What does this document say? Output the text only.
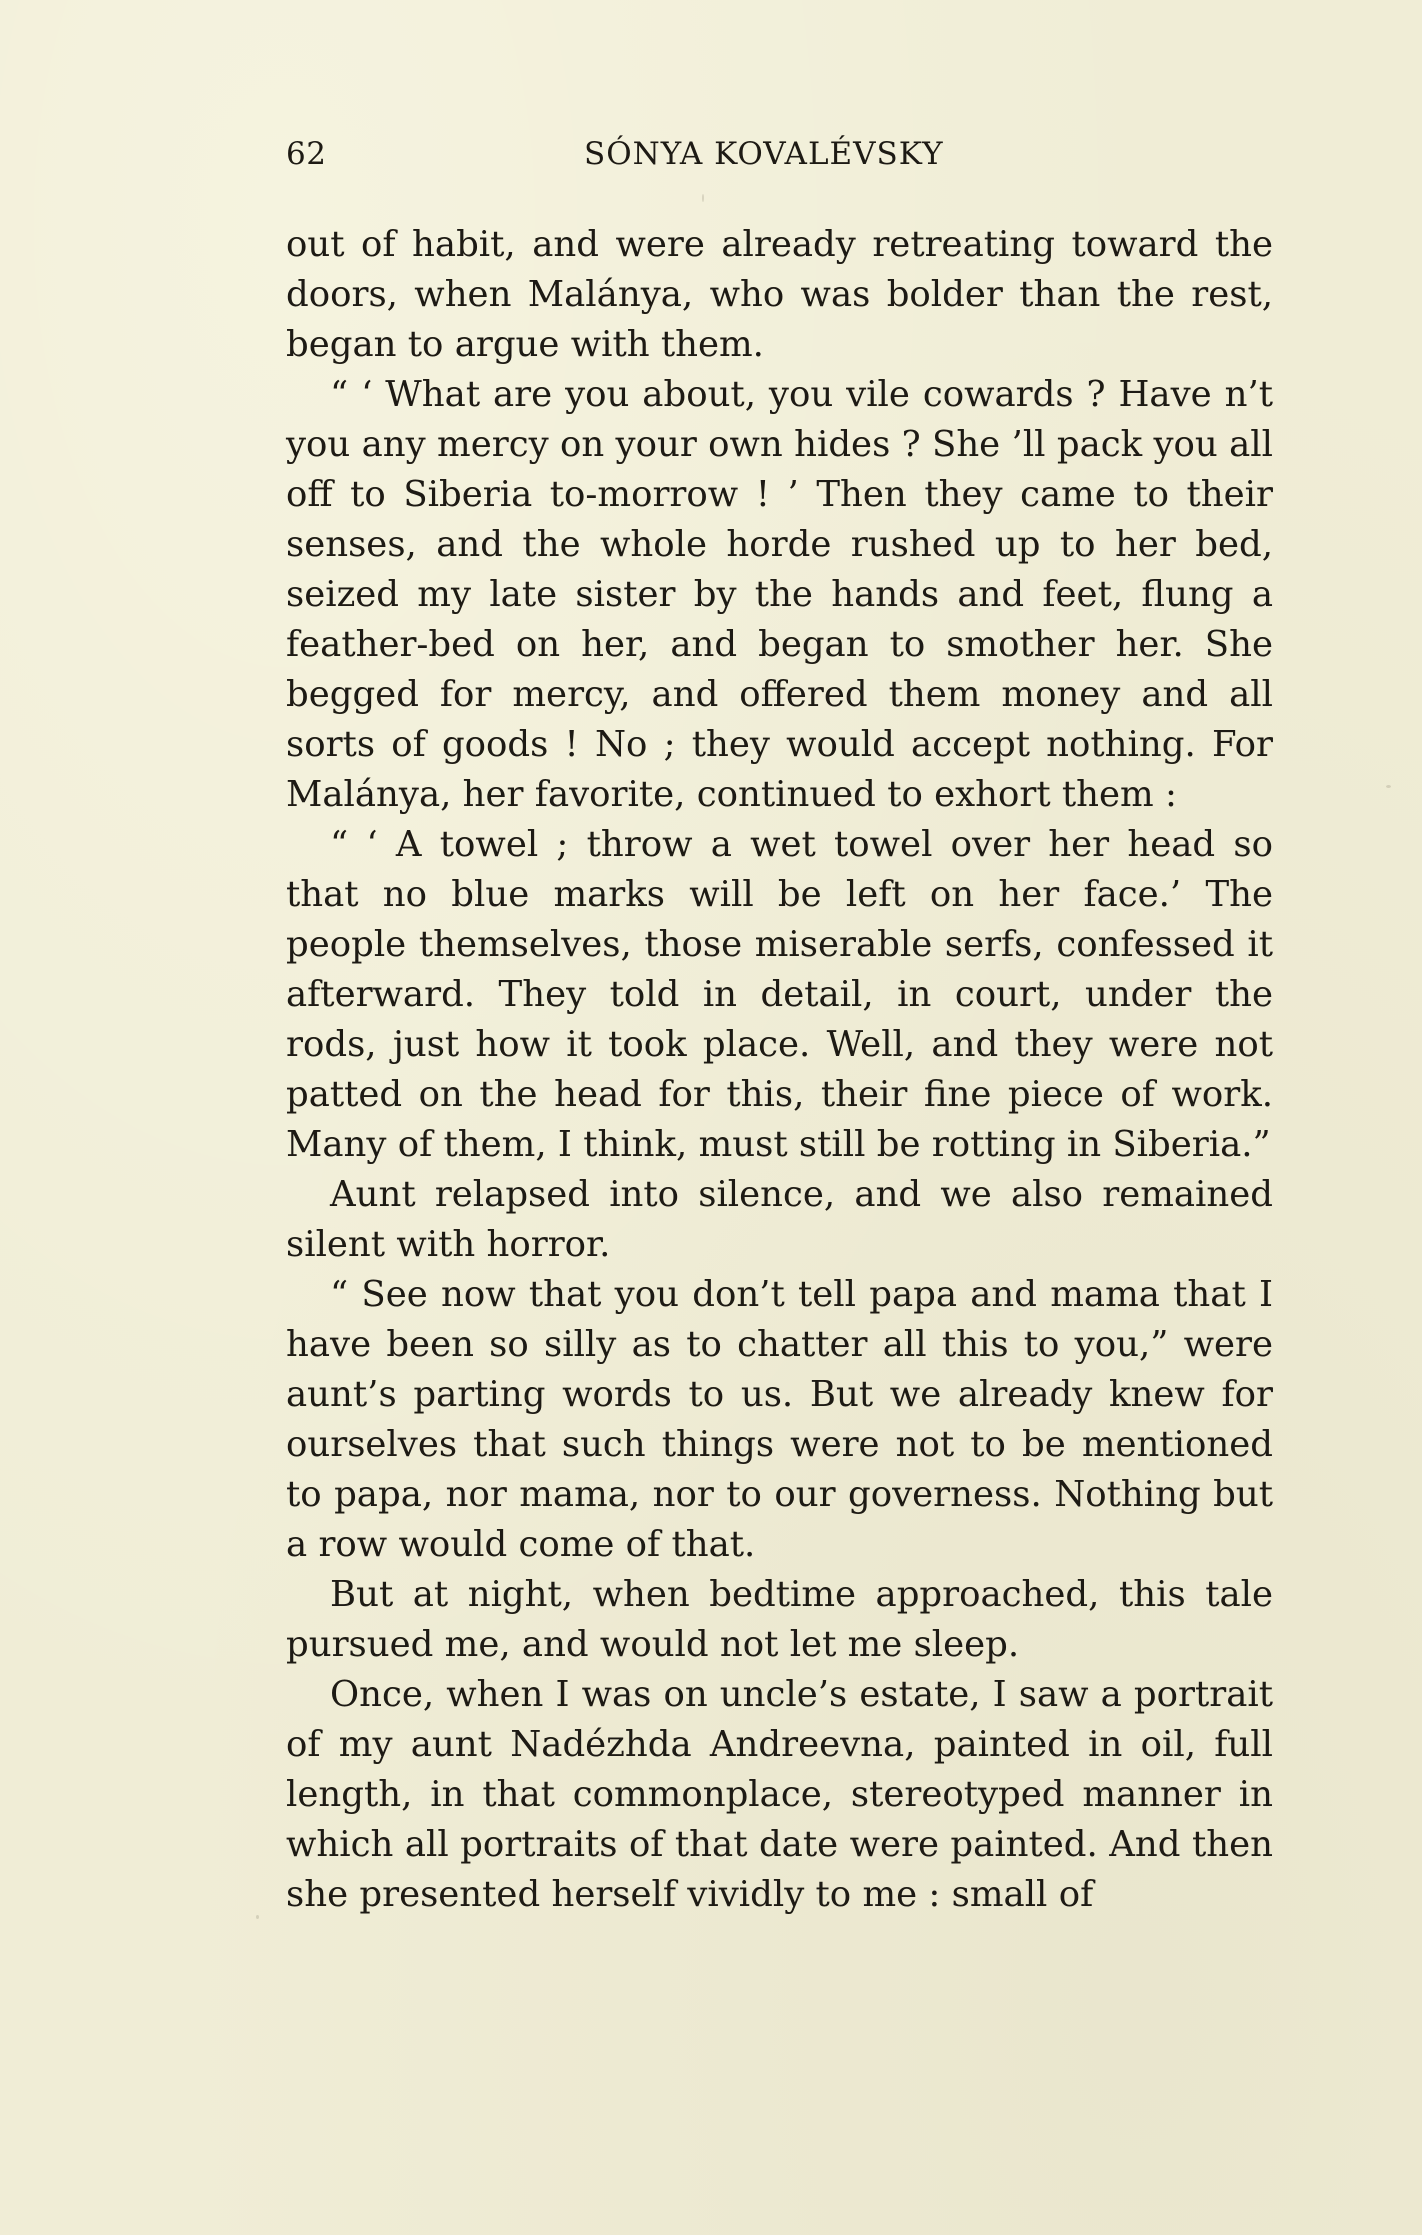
62	SÓNYA KOVALÉVSKY

out of habit, and were already retreating toward the doors, when Malánya, who was bolder than the rest, began to argue with them.

“ ‘ What are you about, you vile cowards ? Have n’t you any mercy on your own hides ? She ’ll pack you all off to Siberia to-morrow ! ’ Then they came to their senses, and the whole horde rushed up to her bed, seized my late sister by the hands and feet, flung a feather-bed on her, and began to smother her. She begged for mercy, and offered them money and all sorts of goods ! No ; they would accept nothing. For Malánya, her favorite, continued to exhort them :

“ ‘ A towel ; throw a wet towel over her head so that no blue marks will be left on her face.’ The people themselves, those miserable serfs, confessed it afterward. They told in detail, in court, under the rods, just how it took place. Well, and they were not patted on the head for this, their fine piece of work. Many of them, I think, must still be rotting in Siberia.”

Aunt relapsed into silence, and we also remained silent with horror.

“ See now that you don’t tell papa and mama that I have been so silly as to chatter all this to you,” were aunt’s parting words to us. But we already knew for ourselves that such things were not to be mentioned to papa, nor mama, nor to our governess. Nothing but a row would come of that.

But at night, when bedtime approached, this tale pursued me, and would not let me sleep.

Once, when I was on uncle’s estate, I saw a portrait of my aunt Nadézhda Andreevna, painted in oil, full length, in that commonplace, stereotyped manner in which all portraits of that date were painted. And then she presented herself vividly to me : small of
